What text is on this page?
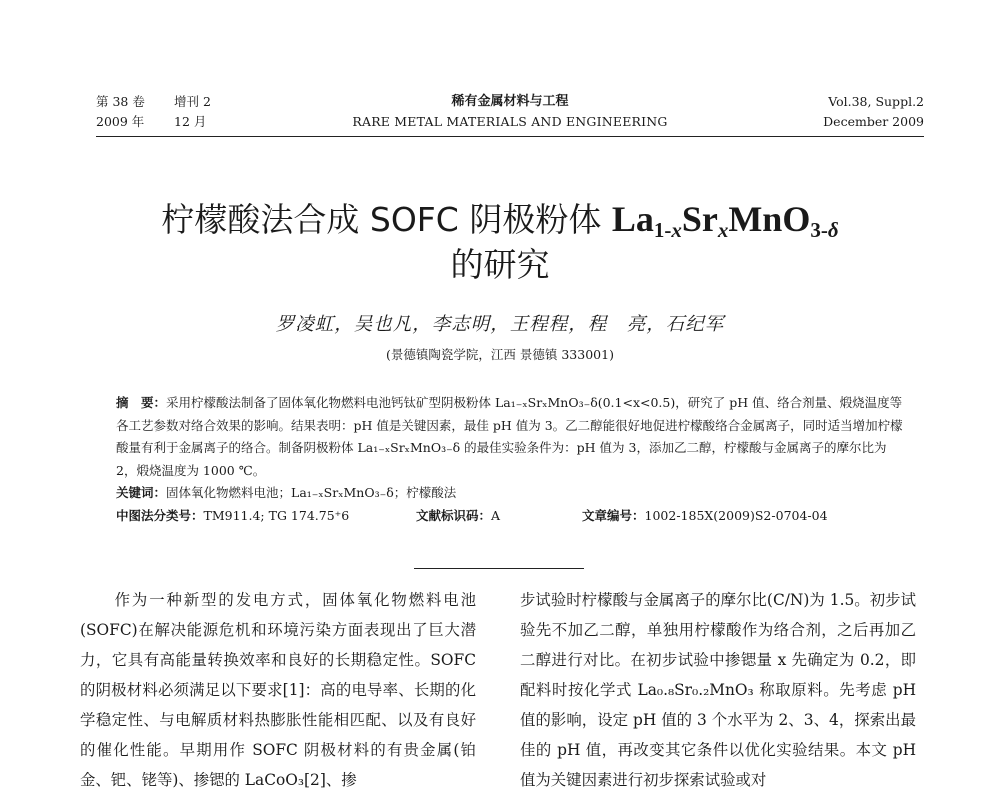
第 38 卷 增刊 2
2009 年 12 月
稀有金属材料与工程
RARE METAL MATERIALS AND ENGINEERING
Vol.38, Suppl.2
December 2009
柠檬酸法合成 SOFC 阴极粉体 $La_{1-x}Sr_xMnO_{3-\delta}$
的研究
罗凌虹，吴也凡，李志明，王程程，程　亮，石纪军
(景德镇陶瓷学院，江西 景德镇 333001)

摘　要：采用柠檬酸法制备了固体氧化物燃料电池钙钛矿型阴极粉体 La₁₋ₓSrₓMnO₃₋δ(0.1<x<0.5)，研究了 pH 值、络合剂量、煅烧温度等各工艺参数对络合效果的影响。结果表明：pH 值是关键因素，最佳 pH 值为 3。乙二醇能很好地促进柠檬酸络合金属离子，同时适当增加柠檬酸量有利于金属离子的络合。制备阴极粉体 La₁₋ₓSrₓMnO₃₋δ 的最佳实验条件为：pH 值为 3，添加乙二醇，柠檬酸与金属离子的摩尔比为 2，煅烧温度为 1000 ℃。

关键词：固体氧化物燃料电池；La₁₋ₓSrₓMnO₃₋δ；柠檬酸法

中图法分类号：TM911.4; TG 174.75⁺6	文献标识码：A	文章编号：1002-185X(2009)S2-0704-04

　　作为一种新型的发电方式，固体氧化物燃料电池(SOFC)在解决能源危机和环境污染方面表现出了巨大潜力，它具有高能量转换效率和良好的长期稳定性。SOFC 的阴极材料必须满足以下要求[1]：高的电导率、长期的化学稳定性、与电解质材料热膨胀性能相匹配、以及有良好的催化性能。早期用作 SOFC 阴极材料的有贵金属(铂金、钯、铑等)、掺锶的 LaCoO₃[2]、掺

步试验时柠檬酸与金属离子的摩尔比(C/N)为 1.5。初步试验先不加乙二醇，单独用柠檬酸作为络合剂，之后再加乙二醇进行对比。在初步试验中掺锶量 x 先确定为 0.2，即配料时按化学式 La₀.₈Sr₀.₂MnO₃ 称取原料。先考虑 pH 值的影响，设定 pH 值的 3 个水平为 2、3、4，探索出最佳的 pH 值，再改变其它条件以优化实验结果。本文 pH 值为关键因素进行初步探索试验或对
